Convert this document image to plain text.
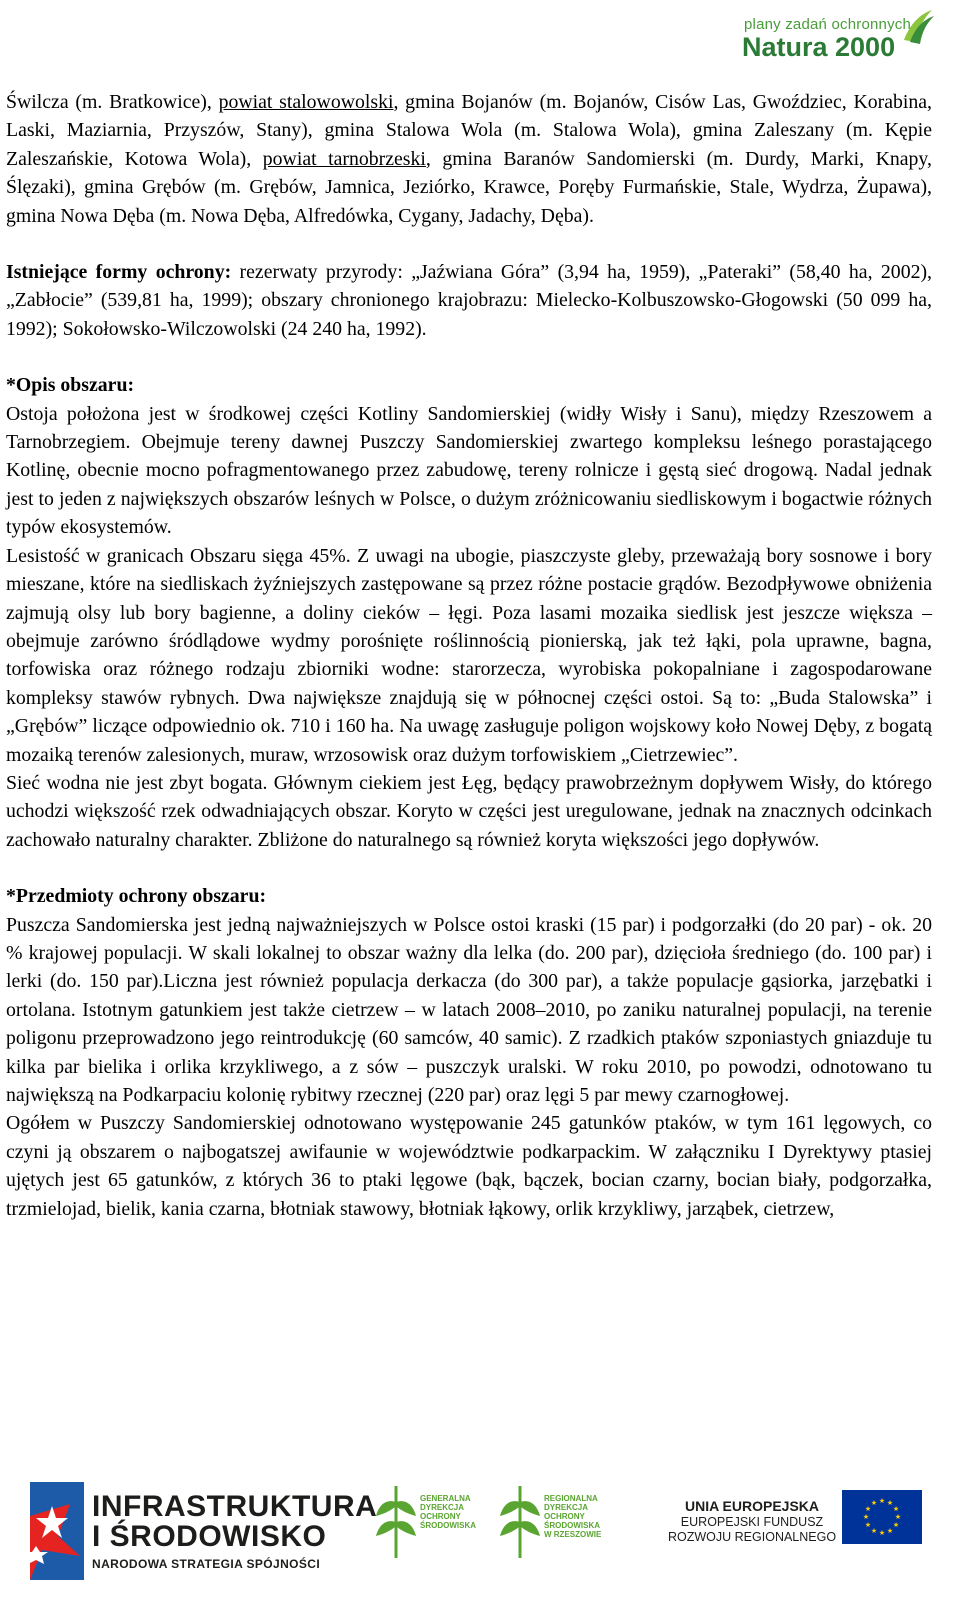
plany zadań ochronnych
Natura 2000

Świlcza (m. Bratkowice), powiat stalowowolski, gmina Bojanów (m. Bojanów, Cisów Las, Gwoździec, Korabina, Laski, Maziarnia, Przyszów, Stany), gmina Stalowa Wola (m. Stalowa Wola), gmina Zaleszany (m. Kępie Zaleszańskie, Kotowa Wola), powiat tarnobrzeski, gmina Baranów Sandomierski (m. Durdy, Marki, Knapy, Ślęzaki), gmina Grębów (m. Grębów, Jamnica, Jeziórko, Krawce, Poręby Furmańskie, Stale, Wydrza, Żupawa), gmina Nowa Dęba (m. Nowa Dęba, Alfredówka, Cygany, Jadachy, Dęba).

Istniejące formy ochrony: rezerwaty przyrody: „Jaźwiana Góra” (3,94 ha, 1959), „Pateraki” (58,40 ha, 2002), „Zabłocie” (539,81 ha, 1999); obszary chronionego krajobrazu: Mielecko-Kolbuszowsko-Głogowski (50 099 ha, 1992); Sokołowsko-Wilczowolski (24 240 ha, 1992).

*Opis obszaru:

Ostoja położona jest w środkowej części Kotliny Sandomierskiej (widły Wisły i Sanu), między Rzeszowem a Tarnobrzegiem. Obejmuje tereny dawnej Puszczy Sandomierskiej zwartego kompleksu leśnego porastającego Kotlinę, obecnie mocno pofragmentowanego przez zabudowę, tereny rolnicze i gęstą sieć drogową. Nadal jednak jest to jeden z największych obszarów leśnych w Polsce, o dużym zróżnicowaniu siedliskowym i bogactwie różnych typów ekosystemów.

Lesistość w granicach Obszaru sięga 45%. Z uwagi na ubogie, piaszczyste gleby, przeważają bory sosnowe i bory mieszane, które na siedliskach żyźniejszych zastępowane są przez różne postacie grądów. Bezodpływowe obniżenia zajmują olsy lub bory bagienne, a doliny cieków – łęgi. Poza lasami mozaika siedlisk jest jeszcze większa – obejmuje zarówno śródlądowe wydmy porośnięte roślinnością pionierską, jak też łąki, pola uprawne, bagna, torfowiska oraz różnego rodzaju zbiorniki wodne: starorzecza, wyrobiska pokopalniane i zagospodarowane kompleksy stawów rybnych. Dwa największe znajdują się w północnej części ostoi. Są to: „Buda Stalowska” i „Grębów” liczące odpowiednio ok. 710 i 160 ha. Na uwagę zasługuje poligon wojskowy koło Nowej Dęby, z bogatą mozaiką terenów zalesionych, muraw, wrzosowisk oraz dużym torfowiskiem „Cietrzewiec”.

Sieć wodna nie jest zbyt bogata. Głównym ciekiem jest Łęg, będący prawobrzeżnym dopływem Wisły, do którego uchodzi większość rzek odwadniających obszar. Koryto w części jest uregulowane, jednak na znacznych odcinkach zachowało naturalny charakter. Zbliżone do naturalnego są również koryta większości jego dopływów.

*Przedmioty ochrony obszaru:

Puszcza Sandomierska jest jedną najważniejszych w Polsce ostoi kraski (15 par) i podgorzałki (do 20 par) - ok. 20 % krajowej populacji. W skali lokalnej to obszar ważny dla lelka (do. 200 par), dzięcioła średniego (do. 100 par) i lerki (do. 150 par).Liczna jest również populacja derkacza (do 300 par), a także populacje gąsiorka, jarzębatki i ortolana. Istotnym gatunkiem jest także cietrzew – w latach 2008–2010, po zaniku naturalnej populacji, na terenie poligonu przeprowadzono jego reintrodukcję (60 samców, 40 samic). Z rzadkich ptaków szponiastych gniazduje tu kilka par bielika i orlika krzykliwego, a z sów – puszczyk uralski. W roku 2010, po powodzi, odnotowano tu największą na Podkarpaciu kolonię rybitwy rzecznej (220 par) oraz lęgi 5 par mewy czarnogłowej.

Ogółem w Puszczy Sandomierskiej odnotowano występowanie 245 gatunków ptaków, w tym 161 lęgowych, co czyni ją obszarem o najbogatszej awifaunie w województwie podkarpackim. W załączniku I Dyrektywy ptasiej ujętych jest 65 gatunków, z których 36 to ptaki lęgowe (bąk, bączek, bocian czarny, bocian biały, podgorzałka, trzmielojad, bielik, kania czarna, błotniak stawowy, błotniak łąkowy, orlik krzykliwy, jarząbek, cietrzew,

INFRASTRUKTURA
I ŚRODOWISKO
NARODOWA STRATEGIA SPÓJNOŚCI
GENERALNA DYREKCJA OCHRONY ŚRODOWISKA
REGIONALNA DYREKCJA OCHRONY ŚRODOWISKA W RZESZOWIE
UNIA EUROPEJSKA
EUROPEJSKI FUNDUSZ
ROZWOJU REGIONALNEGO
★ ★
★
★
★
★
★
★
★
★
★
★
